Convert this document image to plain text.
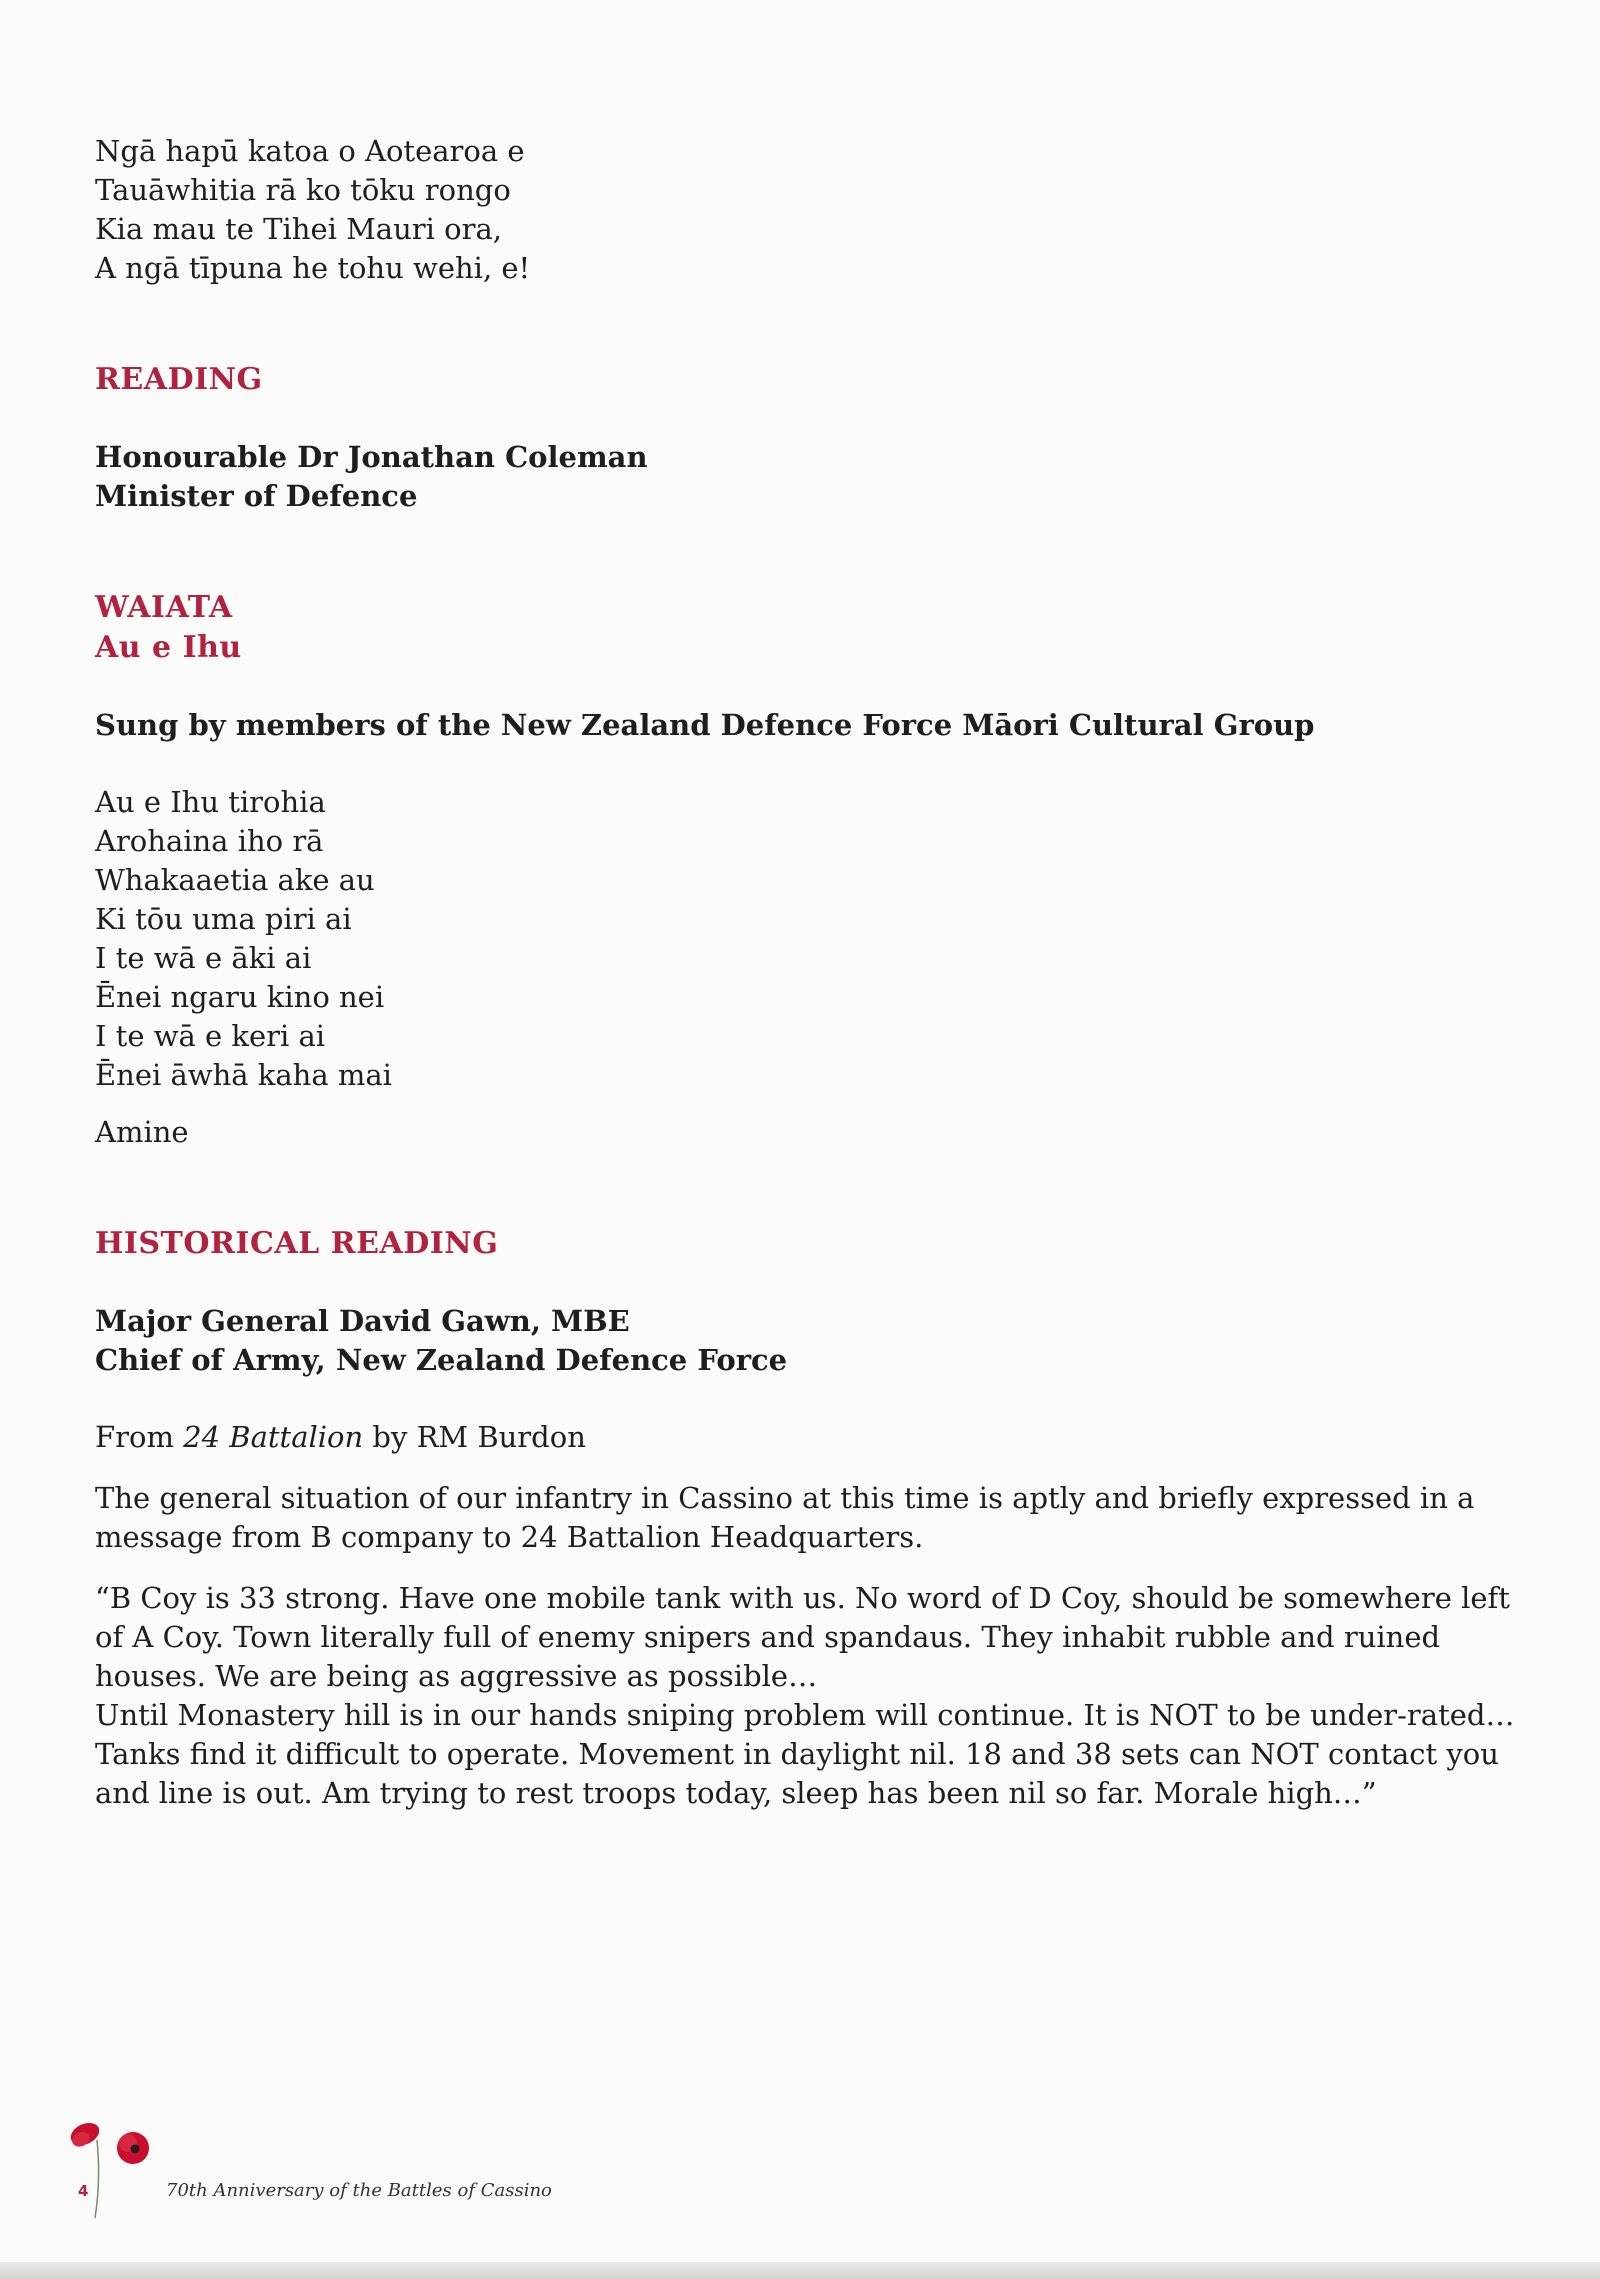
Ngā hapū katoa o Aotearoa e
Tauāwhitia rā ko tōku rongo
Kia mau te Tihei Mauri ora,
A ngā tīpuna he tohu wehi, e!
READING

Honourable Dr Jonathan Coleman

Minister of Defence

WAIATA
Au e Ihu

Sung by members of the New Zealand Defence Force Māori Cultural Group

Au e Ihu tirohia
Arohaina iho rā
Whakaaetia ake au
Ki tōu uma piri ai
I te wā e āki ai
Ēnei ngaru kino nei
I te wā e keri ai
Ēnei āwhā kaha mai

Amine

HISTORICAL READING

Major General David Gawn, MBE

Chief of Army, New Zealand Defence Force

From 24 Battalion by RM Burdon

The general situation of our infantry in Cassino at this time is aptly and briefly expressed in a message from B company to 24 Battalion Headquarters.

“B Coy is 33 strong. Have one mobile tank with us. No word of D Coy, should be somewhere left of A Coy. Town literally full of enemy snipers and spandaus. They inhabit rubble and ruined houses. We are being as aggressive as possible…

Until Monastery hill is in our hands sniping problem will continue. It is NOT to be under-rated… Tanks find it difficult to operate. Movement in daylight nil. 18 and 38 sets can NOT contact you and line is out. Am trying to rest troops today, sleep has been nil so far. Morale high…”

4	70th Anniversary of the Battles of Cassino
